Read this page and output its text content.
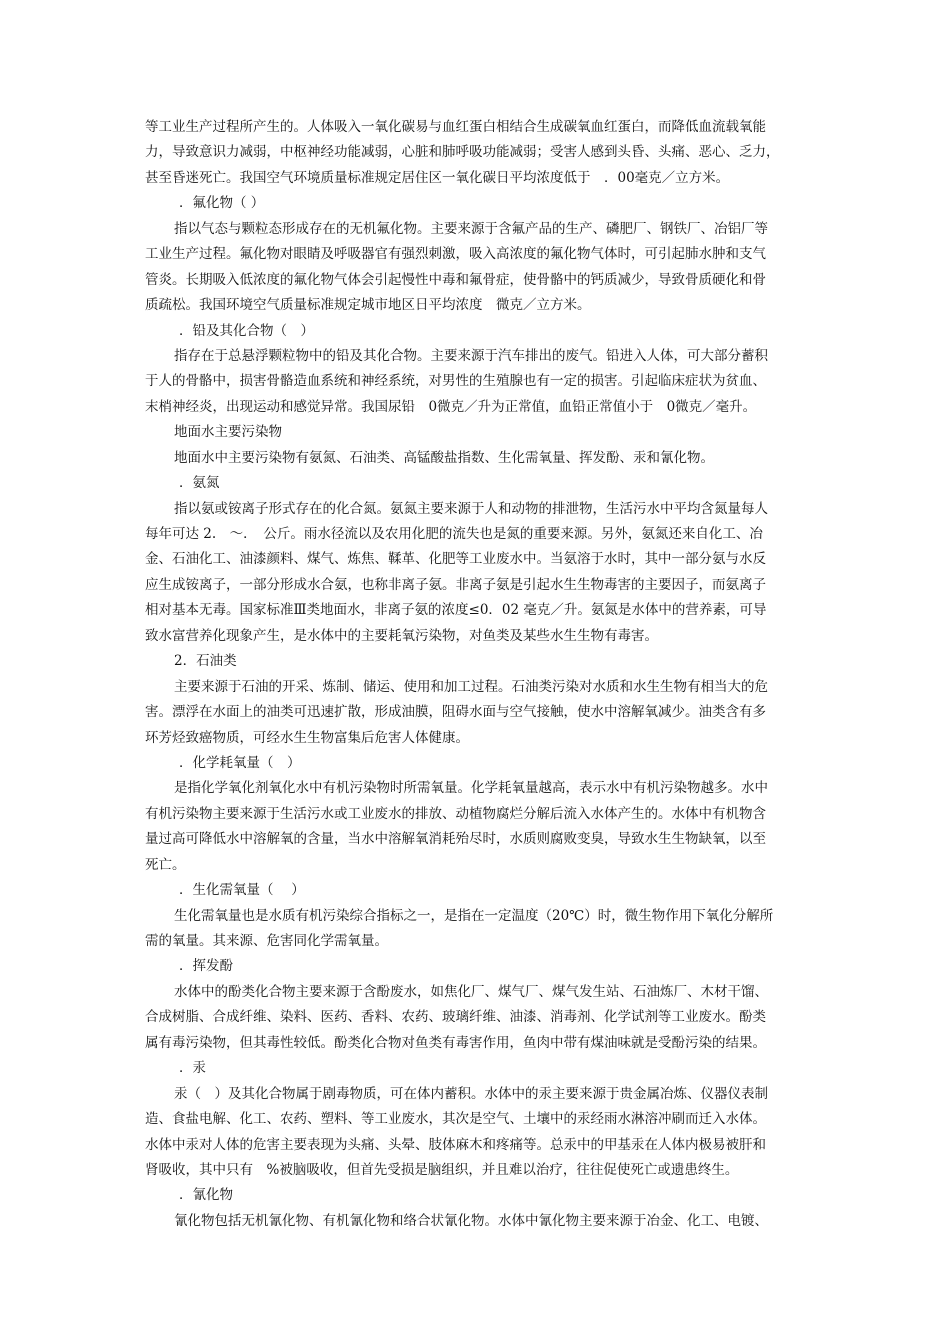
等工业生产过程所产生的。人体吸入一氧化碳易与血红蛋白相结合生成碳氧血红蛋白，而降低血流载氧能
力，导致意识力减弱，中枢神经功能减弱，心脏和肺呼吸功能减弱；受害人感到头昏、头痛、恶心、乏力，
甚至昏迷死亡。我国空气环境质量标准规定居住区一氧化碳日平均浓度低于　．00毫克／立方米。
．氟化物（ ）
指以气态与颗粒态形成存在的无机氟化物。主要来源于含氟产品的生产、磷肥厂、钢铁厂、冶铝厂等
工业生产过程。氟化物对眼睛及呼吸器官有强烈刺激，吸入高浓度的氟化物气体时，可引起肺水肿和支气
管炎。长期吸入低浓度的氟化物气体会引起慢性中毒和氟骨症，使骨骼中的钙质减少，导致骨质硬化和骨
质疏松。我国环境空气质量标准规定城市地区日平均浓度　微克／立方米。
．铅及其化合物（　）
指存在于总悬浮颗粒物中的铅及其化合物。主要来源于汽车排出的废气。铅进入人体，可大部分蓄积
于人的骨骼中，损害骨骼造血系统和神经系统，对男性的生殖腺也有一定的损害。引起临床症状为贫血、
末梢神经炎，出现运动和感觉异常。我国尿铅　0微克／升为正常值，血铅正常值小于　0微克／毫升。
地面水主要污染物
地面水中主要污染物有氨氮、石油类、高锰酸盐指数、生化需氧量、挥发酚、汞和氰化物。
．氨氮
指以氨或铵离子形式存在的化合氮。氨氮主要来源于人和动物的排泄物，生活污水中平均含氮量每人
每年可达 2.　～．　公斤。雨水径流以及农用化肥的流失也是氮的重要来源。另外，氨氮还来自化工、冶
金、石油化工、油漆颜料、煤气、炼焦、鞣革、化肥等工业废水中。当氨溶于水时，其中一部分氨与水反
应生成铵离子，一部分形成水合氨，也称非离子氨。非离子氨是引起水生生物毒害的主要因子，而氨离子
相对基本无毒。国家标准Ⅲ类地面水，非离子氨的浓度≤0．02 毫克／升。氨氮是水体中的营养素，可导
致水富营养化现象产生，是水体中的主要耗氧污染物，对鱼类及某些水生生物有毒害。
2．石油类
主要来源于石油的开采、炼制、储运、使用和加工过程。石油类污染对水质和水生生物有相当大的危
害。漂浮在水面上的油类可迅速扩散，形成油膜，阻碍水面与空气接触，使水中溶解氧减少。油类含有多
环芳烃致癌物质，可经水生生物富集后危害人体健康。
．化学耗氧量（　）
是指化学氧化剂氧化水中有机污染物时所需氧量。化学耗氧量越高，表示水中有机污染物越多。水中
有机污染物主要来源于生活污水或工业废水的排放、动植物腐烂分解后流入水体产生的。水体中有机物含
量过高可降低水中溶解氧的含量，当水中溶解氧消耗殆尽时，水质则腐败变臭，导致水生生物缺氧，以至
死亡。
．生化需氧量（　 ）
生化需氧量也是水质有机污染综合指标之一，是指在一定温度（20℃）时，微生物作用下氧化分解所
需的氧量。其来源、危害同化学需氧量。
．挥发酚
水体中的酚类化合物主要来源于含酚废水，如焦化厂、煤气厂、煤气发生站、石油炼厂、木材干馏、
合成树脂、合成纤维、染料、医药、香料、农药、玻璃纤维、油漆、消毒剂、化学试剂等工业废水。酚类
属有毒污染物，但其毒性较低。酚类化合物对鱼类有毒害作用，鱼肉中带有煤油味就是受酚污染的结果。
．汞
汞（　）及其化合物属于剧毒物质，可在体内蓄积。水体中的汞主要来源于贵金属冶炼、仪器仪表制
造、食盐电解、化工、农药、塑料、等工业废水，其次是空气、土壤中的汞经雨水淋溶冲刷而迁入水体。
水体中汞对人体的危害主要表现为头痛、头晕、肢体麻木和疼痛等。总汞中的甲基汞在人体内极易被肝和
肾吸收，其中只有　%被脑吸收，但首先受损是脑组织，并且难以治疗，往往促使死亡或遗患终生。
．氰化物
氰化物包括无机氰化物、有机氰化物和络合状氰化物。水体中氰化物主要来源于冶金、化工、电镀、
